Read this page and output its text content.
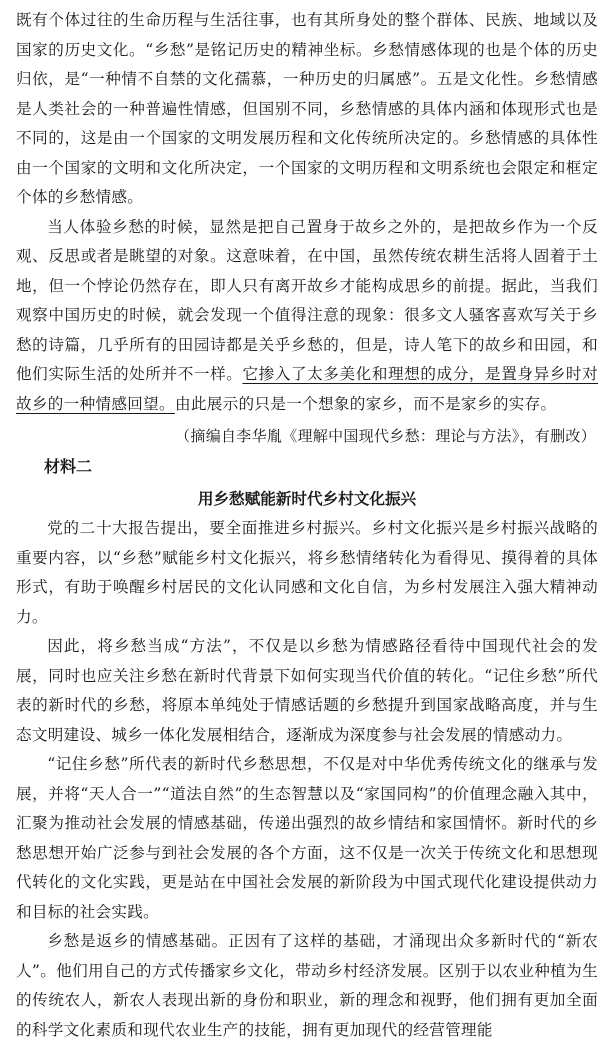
既有个体过往的生命历程与生活往事，也有其所身处的整个群体、民族、地域以及国家的历史文化。“乡愁”是铭记历史的精神坐标。乡愁情感体现的也是个体的历史归依，是“一种情不自禁的文化孺慕，一种历史的归属感”。五是文化性。乡愁情感是人类社会的一种普遍性情感，但国别不同，乡愁情感的具体内涵和体现形式也是不同的，这是由一个国家的文明发展历程和文化传统所决定的。乡愁情感的具体性由一个国家的文明和文化所决定，一个国家的文明历程和文明系统也会限定和框定个体的乡愁情感。

当人体验乡愁的时候，显然是把自己置身于故乡之外的，是把故乡作为一个反观、反思或者是眺望的对象。这意味着，在中国，虽然传统农耕生活将人固着于土地，但一个悖论仍然存在，即人只有离开故乡才能构成思乡的前提。据此，当我们观察中国历史的时候，就会发现一个值得注意的现象：很多文人骚客喜欢写关于乡愁的诗篇，几乎所有的田园诗都是关乎乡愁的，但是，诗人笔下的故乡和田园，和他们实际生活的处所并不一样。它掺入了太多美化和理想的成分，是置身异乡时对故乡的一种情感回望。由此展示的只是一个想象的家乡，而不是家乡的实存。

（摘编自李华胤《理解中国现代乡愁：理论与方法》，有删改）

材料二

用乡愁赋能新时代乡村文化振兴

党的二十大报告提出，要全面推进乡村振兴。乡村文化振兴是乡村振兴战略的重要内容，以“乡愁”赋能乡村文化振兴，将乡愁情绪转化为看得见、摸得着的具体形式，有助于唤醒乡村居民的文化认同感和文化自信，为乡村发展注入强大精神动力。

因此，将乡愁当成“方法”，不仅是以乡愁为情感路径看待中国现代社会的发展，同时也应关注乡愁在新时代背景下如何实现当代价值的转化。“记住乡愁”所代表的新时代的乡愁，将原本单纯处于情感话题的乡愁提升到国家战略高度，并与生态文明建设、城乡一体化发展相结合，逐渐成为深度参与社会发展的情感动力。

“记住乡愁”所代表的新时代乡愁思想，不仅是对中华优秀传统文化的继承与发展，并将“天人合一”“道法自然”的生态智慧以及“家国同构”的价值理念融入其中，汇聚为推动社会发展的情感基础，传递出强烈的故乡情结和家国情怀。新时代的乡愁思想开始广泛参与到社会发展的各个方面，这不仅是一次关于传统文化和思想现代转化的文化实践，更是站在中国社会发展的新阶段为中国式现代化建设提供动力和目标的社会实践。

乡愁是返乡的情感基础。正因有了这样的基础，才涌现出众多新时代的“新农人”。他们用自己的方式传播家乡文化，带动乡村经济发展。区别于以农业种植为生的传统农人，新农人表现出新的身份和职业，新的理念和视野，他们拥有更加全面的科学文化素质和现代农业生产的技能，拥有更加现代的经营管理能
